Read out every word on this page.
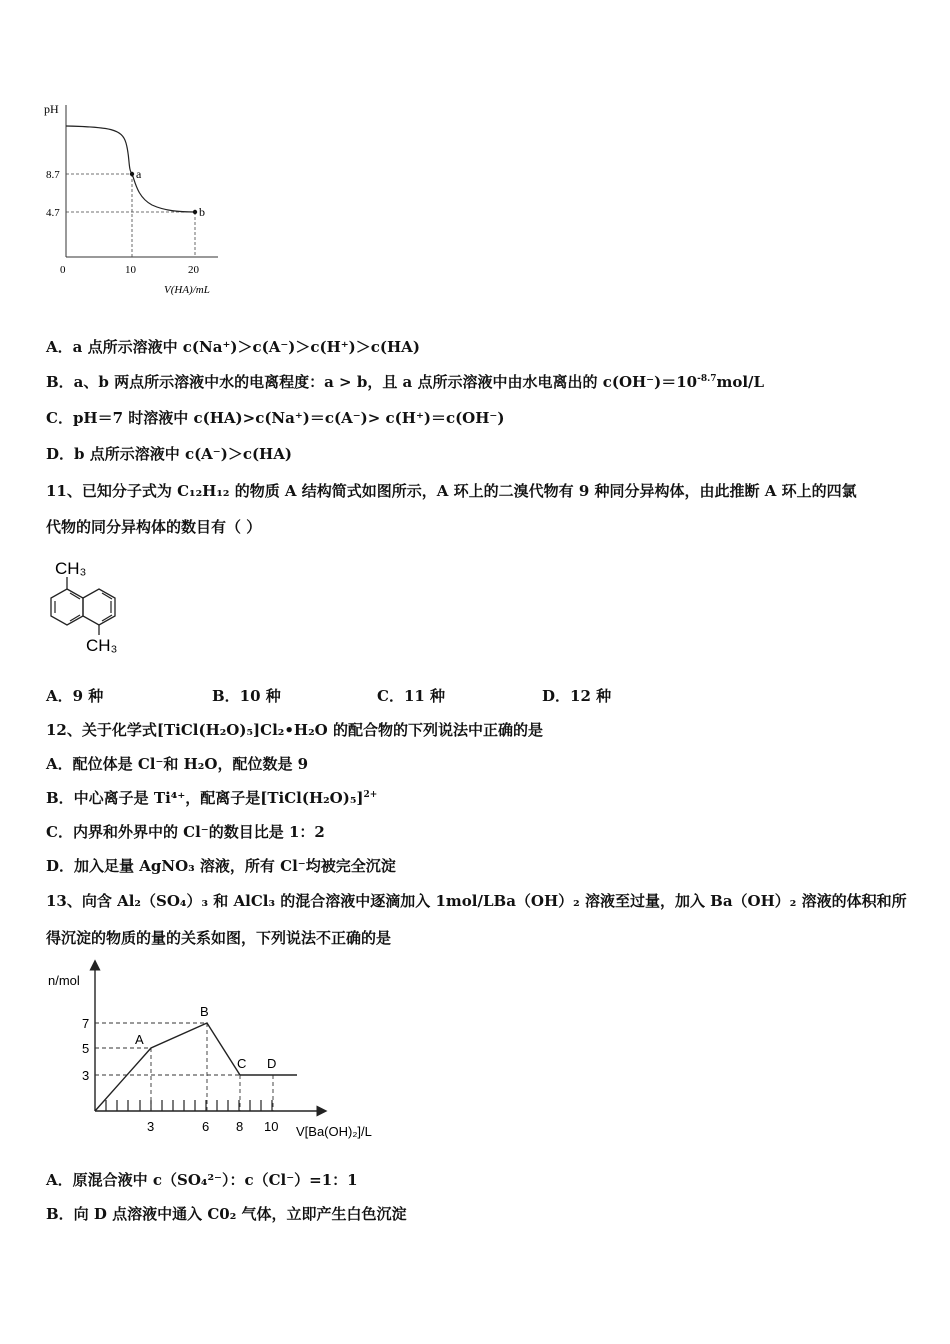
a
b
pH
8.7
4.7
0	10	20
V(HA)/mL
A．a 点所示溶液中 c(Na⁺)＞c(A⁻)＞c(H⁺)＞c(HA)
B．a、b 两点所示溶液中水的电离程度：a > b，且 a 点所示溶液中由水电离出的 $c(OH^-)=10^{-8.7}mol/L$
C．pH＝7 时溶液中 c(HA)>c(Na⁺)＝c(A⁻)> c(H⁺)＝c(OH⁻)
D．b 点所示溶液中 c(A⁻)＞c(HA)
11、已知分子式为 C₁₂H₁₂ 的物质 A 结构简式如图所示，A 环上的二溴代物有 9 种同分异构体，由此推断 A 环上的四氯
代物的同分异构体的数目有（ ）
CH₃
CH₃
A．9 种	B．10 种	C．11 种	D．12 种
12、关于化学式[TiCl(H₂O)₅]Cl₂•H₂O 的配合物的下列说法中正确的是
A．配位体是 Cl⁻和 H₂O，配位数是 9
B．中心离子是 Ti⁴⁺，配离子是[TiCl(H₂O)₅]$^{2+}$
C．内界和外界中的 Cl⁻的数目比是 1：2
D．加入足量 AgNO₃ 溶液，所有 Cl⁻均被完全沉淀
13、向含 Al₂（SO₄）₃ 和 AlCl₃ 的混合溶液中逐滴加入 1mol/LBa（OH）₂ 溶液至过量，加入 Ba（OH）₂ 溶液的体积和所
得沉淀的物质的量的关系如图，下列说法不正确的是
n/mol
7
5
3
3	6 8 10 V[Ba(OH)₂]/L
A
B
C D
A．原混合液中 c（SO₄²⁻）：c（Cl⁻）=1：1
B．向 D 点溶液中通入 C0₂ 气体，立即产生白色沉淀
